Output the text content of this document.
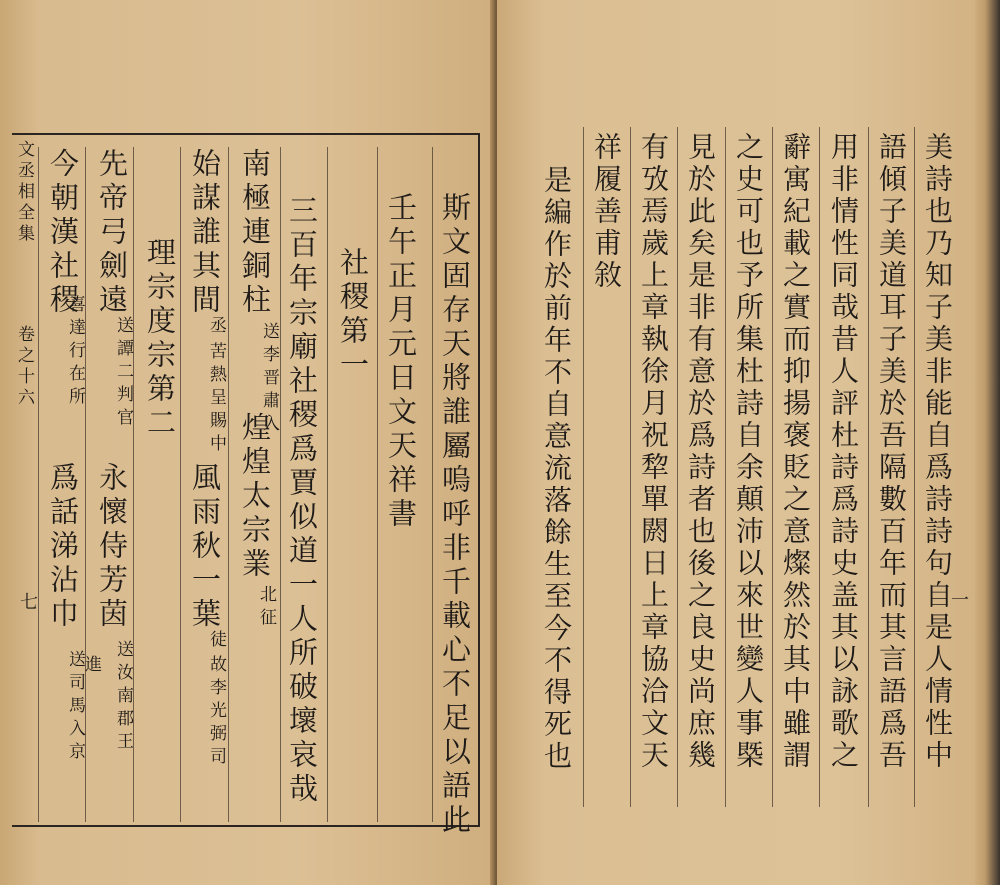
斯文固存天將誰屬嗚呼非千載心不足以語此
壬午正月元日文天祥書
社稷第一
三百年宗廟社稷爲賈似道一人所破壞哀哉
南極連銅柱
送李晋肅入
煌煌太宗業
北征
始謀誰其間
丞
苦熱呈賜中
風雨秋一葉
徒
故李光弼司
理宗度宗第二
先帝弓劍遠
送譚二判官
永懷侍芳茵
進 送汝南郡王
今朝漢社稷
喜達行在所
爲話涕沾巾
送司馬入京
文丞相全集
卷之十六
七	美詩也乃知子美非能自爲詩詩句自是人情性中
語傾子美道耳子美於吾隔數百年而其言語爲吾
用非情性同哉昔人評杜詩爲詩史盖其以詠歌之
辭寓紀載之實而抑揚褒貶之意燦然於其中雖謂
之史可也予所集杜詩自余顛沛以來世變人事槩
見於此矣是非有意於爲詩者也後之良史尚庶幾
有攷焉歲上章執徐月祝犂單閼日上章協洽文天
祥履善甫敘
是編作於前年不自意流落餘生至今不得死也	一
